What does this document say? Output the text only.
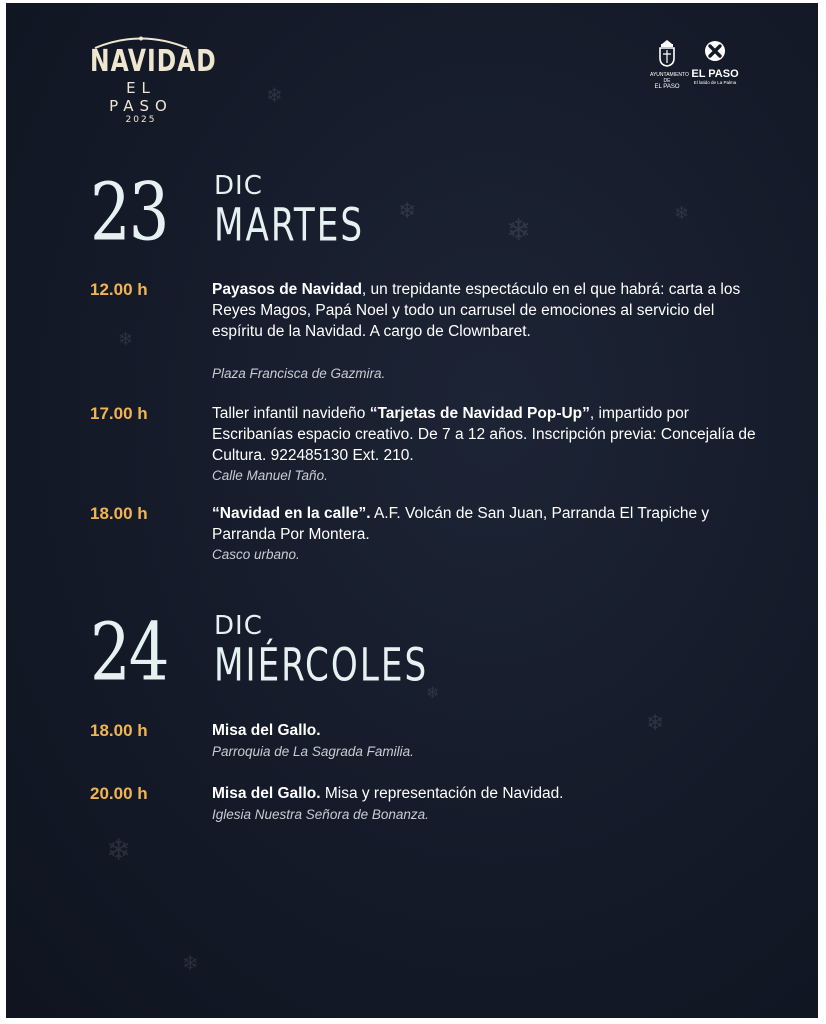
❄
❄	❄
❄
❄
❄
❄
❄
❄
NAVIDAD
EL PASO
2025
AYUNTAMIENTO DE
EL PASO
EL PASO
El latido de La Palma
23 DIC
MARTES
12.00 h	Payasos de Navidad, un trepidante espectáculo en el que habrá: carta a los Reyes Magos, Papá Noel y todo un carrusel de emociones al servicio del espíritu de la Navidad. A cargo de Clownbaret.
Plaza Francisca de Gazmira.
17.00 h	Taller infantil navideño “Tarjetas de Navidad Pop-Up”, impartido por Escribanías espacio creativo. De 7 a 12 años. Inscripción previa: Concejalía de Cultura. 922485130 Ext. 210.
Calle Manuel Taño.
18.00 h	“Navidad en la calle”. A.F. Volcán de San Juan, Parranda El Trapiche y Parranda Por Montera.
Casco urbano.
24 DIC
MIÉRCOLES
18.00 h	Misa del Gallo.
Parroquia de La Sagrada Familia.
20.00 h	Misa del Gallo. Misa y representación de Navidad.
Iglesia Nuestra Señora de Bonanza.
